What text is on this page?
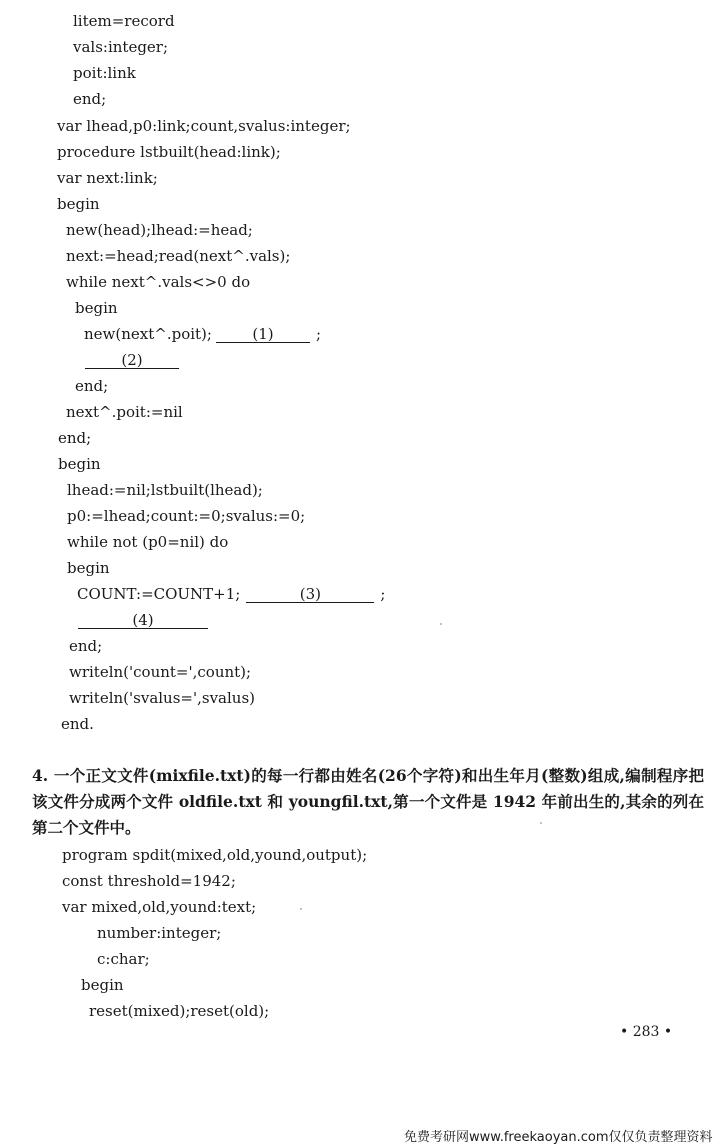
litem=record
vals:integer;
poit:link
end;
var lhead,p0:link;count,svalus:integer;
procedure lstbuilt(head:link);
var next:link;
begin
new(head);lhead:=head;
next:=head;read(next^.vals);
while next^.vals<>0 do
begin
new(next^.poit);	(1)	;
(2)
end;
next^.poit:=nil
end;
begin
lhead:=nil;lstbuilt(lhead);
p0:=lhead;count:=0;svalus:=0;
while not (p0=nil) do
begin
COUNT:=COUNT+1;	(3)	;
(4)
end;
writeln('count=',count);
writeln('svalus=',svalus)
end.
4. 一个正文文件(mixfile.txt)的每一行都由姓名(26个字符)和出生年月(整数)组成,编制程序把该文件分成两个文件 oldfile.txt 和 youngfil.txt,第一个文件是 1942 年前出生的,其余的列在第二个文件中。
program spdit(mixed,old,yound,output);
const threshold=1942;
var mixed,old,yound:text;
number:integer;
c:char;
begin
reset(mixed);reset(old);
• 283 •
免费考研网www.freekaoyan.com仅仅负责整理资料
